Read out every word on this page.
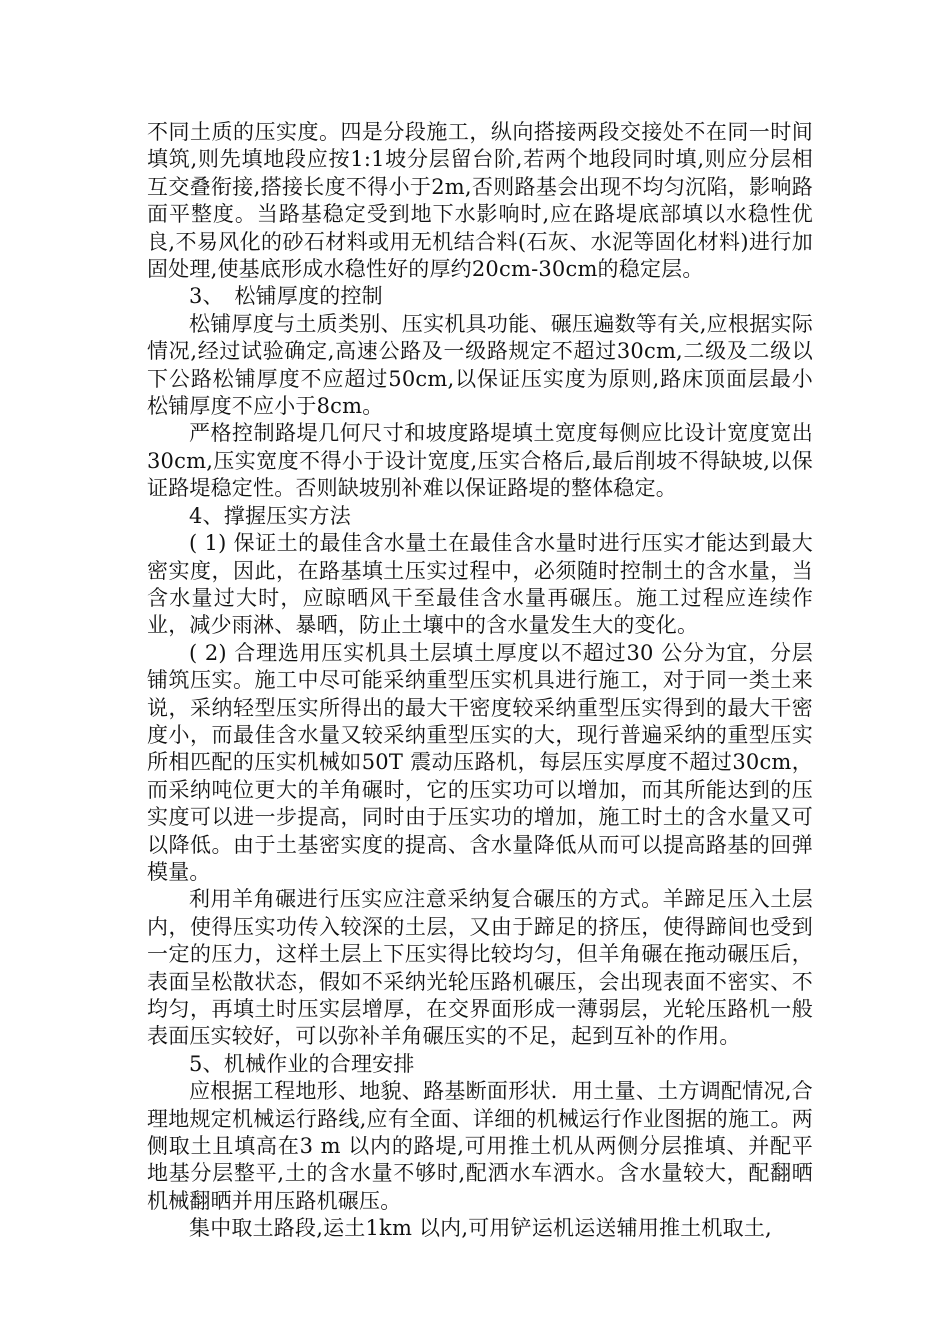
不同土质的压实度。四是分段施工，纵向搭接两段交接处不在同一时间填筑,则先填地段应按1:1坡分层留台阶,若两个地段同时填,则应分层相互交叠衔接,搭接长度不得小于2m,否则路基会出现不均匀沉陷，影响路面平整度。当路基稳定受到地下水影响时,应在路堤底部填以水稳性优良,不易风化的砂石材料或用无机结合料(石灰、水泥等固化材料)进行加固处理,使基底形成水稳性好的厚约20cm-30cm的稳定层。

3、　松铺厚度的控制

松铺厚度与土质类别、压实机具功能、碾压遍数等有关,应根据实际情况,经过试验确定,高速公路及一级路规定不超过30cm,二级及二级以下公路松铺厚度不应超过50cm,以保证压实度为原则,路床顶面层最小松铺厚度不应小于8cm。

严格控制路堤几何尺寸和坡度路堤填土宽度每侧应比设计宽度宽出30cm,压实宽度不得小于设计宽度,压实合格后,最后削坡不得缺坡,以保证路堤稳定性。否则缺坡别补难以保证路堤的整体稳定。

4、撑握压实方法

( 1) 保证土的最佳含水量土在最佳含水量时进行压实才能达到最大密实度，因此，在路基填土压实过程中，必须随时控制土的含水量，当含水量过大时，应晾晒风干至最佳含水量再碾压。施工过程应连续作业，减少雨淋、暴晒，防止土壤中的含水量发生大的变化。

( 2) 合理选用压实机具土层填土厚度以不超过30 公分为宜，分层铺筑压实。施工中尽可能采纳重型压实机具进行施工，对于同一类土来说，采纳轻型压实所得出的最大干密度较采纳重型压实得到的最大干密度小，而最佳含水量又较采纳重型压实的大，现行普遍采纳的重型压实所相匹配的压实机械如50T 震动压路机，每层压实厚度不超过30cm，而采纳吨位更大的羊角碾时，它的压实功可以增加，而其所能达到的压实度可以进一步提高，同时由于压实功的增加，施工时土的含水量又可以降低。由于土基密实度的提高、含水量降低从而可以提高路基的回弹模量。

利用羊角碾进行压实应注意采纳复合碾压的方式。羊蹄足压入土层内，使得压实功传入较深的土层，又由于蹄足的挤压，使得蹄间也受到一定的压力，这样土层上下压实得比较均匀，但羊角碾在拖动碾压后，表面呈松散状态，假如不采纳光轮压路机碾压，会出现表面不密实、不均匀，再填土时压实层增厚，在交界面形成一薄弱层，光轮压路机一般表面压实较好，可以弥补羊角碾压实的不足，起到互补的作用。

5、机械作业的合理安排

应根据工程地形、地貌、路基断面形状．用土量、土方调配情况,合理地规定机械运行路线,应有全面、详细的机械运行作业图据的施工。两侧取土且填高在3 m 以内的路堤,可用推土机从两侧分层推填、并配平地基分层整平,土的含水量不够时,配洒水车洒水。含水量较大，配翻晒机械翻晒并用压路机碾压。

集中取土路段,运土1km 以内,可用铲运机运送辅用推土机取土,
